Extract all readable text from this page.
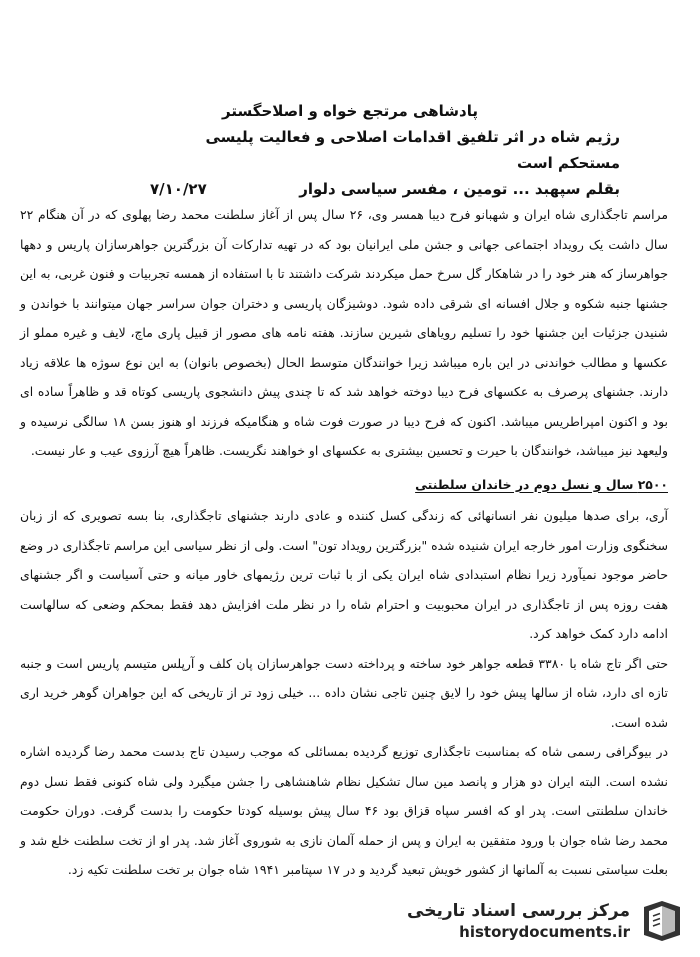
پادشاهی مرتجع خواه و اصلاحگستر
رژیم شاه در اثر تلفیق اقدامات اصلاحی و فعالیت پلیسی مستحکم است
بقلم سپهبد ... تومین ، مفسر سیاسی دلوار
۷/۱۰/۲۷

مراسم تاجگذاری شاه ایران و شهبانو فرح دیبا همسر وی، ۲۶ سال پس از آغاز سلطنت محمد رضا پهلوی که در آن هنگام ۲۲ سال داشت یک رویداد اجتماعی جهانی و جشن ملی ایرانیان بود که در تهیه تدارکات آن بزرگترین جواهرسازان پاریس و دهها جواهرساز که هنر خود را در شاهکار گل سرخ حمل میکردند شرکت داشتند تا با استفاده از همسه تجربیات و فنون غربی، به این جشنها جنبه شکوه و جلال افسانه ای شرقی داده شود. دوشیزگان پاریسی و دختران جوان سراسر جهان میتوانند با خواندن و شنیدن جزئیات این جشنها خود را تسلیم رویاهای شیرین سازند. هفته نامه های مصور از قبیل پاری ماچ، لایف و غیره مملو از عکسها و مطالب خواندنی در این باره میباشد زیرا خوانندگان متوسط الحال (بخصوص بانوان) به این نوع سوژه ها علاقه زیاد دارند. جشنهای پرصرف به عکسهای فرح دیبا دوخته خواهد شد که تا چندی پیش دانشجوی پاریسی کوتاه قد و ظاهراً ساده ای بود و اکنون امپراطریس میباشد. اکنون که فرح دیبا در صورت فوت شاه و هنگامیکه فرزند او هنوز بسن ۱۸ سالگی نرسیده و ولیعهد نیز میباشد، خوانندگان با حیرت و تحسین بیشتری به عکسهای او خواهند نگریست. ظاهراً هیچ آرزوی عیب و عار نیست.

۲۵۰۰ سال و نسل دوم در خاندان سلطنتی

آری، برای صدها میلیون نفر انسانهائی که زندگی کسل کننده و عادی دارند جشنهای تاجگذاری، بنا بسه تصویری که از زبان سخنگوی وزارت امور خارجه ایران شنیده شده "بزرگترین رویداد تون" است. ولی از نظر سیاسی این مراسم تاجگذاری در وضع حاضر موجود نمیآورد زیرا نظام استبدادی شاه ایران یکی از با ثبات ترین رژیمهای خاور میانه و حتی آسیاست و اگر جشنهای هفت روزه پس از تاجگذاری در ایران محبوبیت و احترام شاه را در نظر ملت افزایش دهد فقط بمحکم وضعی که سالهاست ادامه دارد کمک خواهد کرد.

حتی اگر تاج شاه با ۳۳۸۰ قطعه جواهر خود ساخته و پرداخته دست جواهرسازان پان کلف و آرپلس متیسم پاریس است و جنبه تازه ای دارد، شاه از سالها پیش خود را لایق چنین تاجی نشان داده ... خیلی زود تر از تاریخی که این جواهران گوهر خرید اری شده است.

در بیوگرافی رسمی شاه که بمناسبت تاجگذاری توزیع گردیده بمسائلی که موجب رسیدن تاج بدست محمد رضا گردیده اشاره نشده است. البته ایران دو هزار و پانصد مین سال تشکیل نظام شاهنشاهی را جشن میگیرد ولی شاه کنونی فقط نسل دوم خاندان سلطنتی است. پدر او که افسر سپاه قزاق بود ۴۶ سال پیش بوسیله کودتا حکومت را بدست گرفت. دوران حکومت محمد رضا شاه جوان با ورود متفقین به ایران و پس از حمله آلمان نازی به شوروی آغاز شد. پدر او از تخت سلطنت خلع شد و بعلت سیاستی نسبت به آلمانها از کشور خویش تبعید گردید و در ۱۷ سپتامبر ۱۹۴۱ شاه جوان بر تخت سلطنت تکیه زد.

مرکز بررسی اسناد تاریخی
historydocuments.ir
